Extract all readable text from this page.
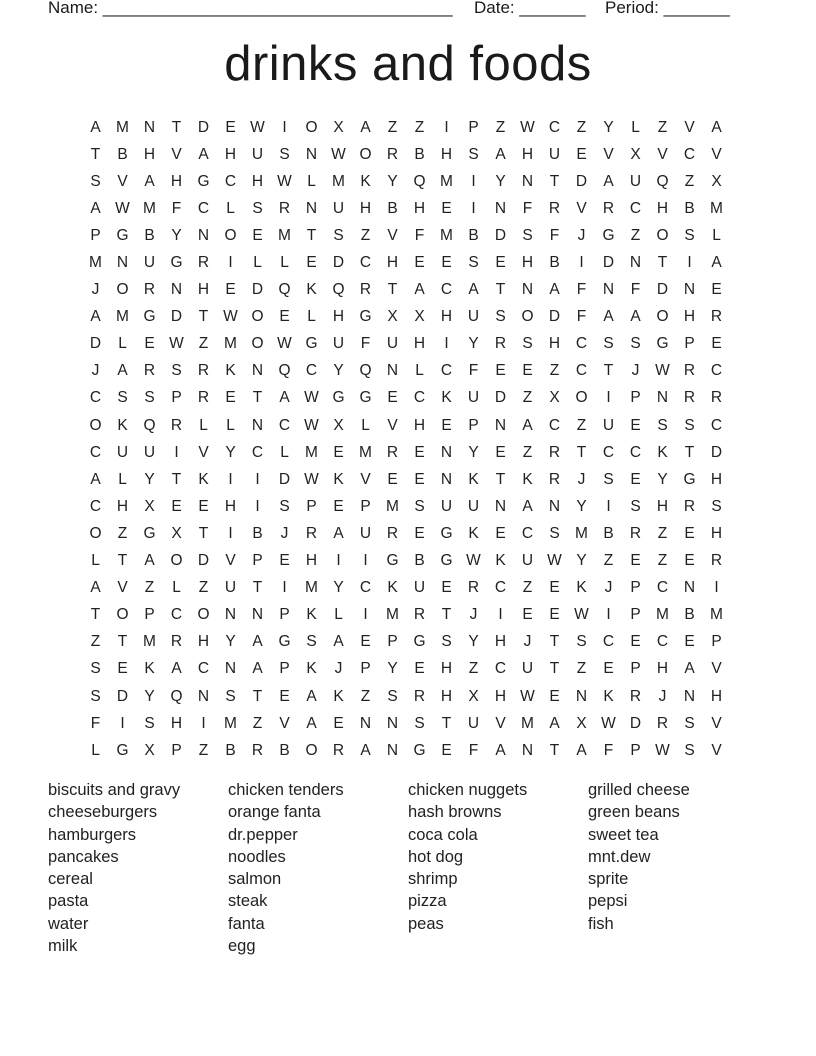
Name: _____________________________________ Date: _______ Period: _______
drinks and foods
A M N	T	D	E W	I	O	X	A	Z	Z	I	P	Z W C	Z	Y	L	Z	V	A
T	B	H	V	A	H	U	S	N W O R	B	H	S	A	H	U	E	V	X	V	C	V
S	V	A	H G C	H W L	M K	Y	Q M	I	Y	N	T	D	A	U Q	Z	X
A W M	F	C	L	S	R	N	U	H	B	H	E	I	N	F	R	V	R	C	H	B M
P	G	B	Y	N O	E M	T	S	Z	V	F	M B	D	S	F	J	G	Z	O	S	L
M N	U G R	I	L	L	E	D	C	H	E	E	S	E	H	B	I	D	N	T	I	A
J	O R	N	H	E	D Q	K	Q R	T	A	C	A	T	N	A	F	N	F	D	N	E
A M G D	T W O	E	L	H G	X	X	H	U	S	O D	F	A	A	O H	R
D	L	E W Z	M O W G U	F	U	H	I	Y	R	S	H	C	S	S	G	P	E
J	A	R	S	R	K	N Q C	Y	Q N	L	C	F	E	E	Z	C	T	J	W R	C
C	S	S	P	R	E	T	A W G G	E	C	K	U	D	Z	X	O	I	P	N	R	R
O	K	Q R	L	L	N	C W X	L	V	H	E	P	N	A	C	Z	U	E	S	S	C
C	U	U	I	V	Y	C	L	M E M R	E	N	Y	E	Z	R	T	C	C	K	T	D
A	L	Y	T	K	I	I	D W K	V	E	E	N	K	T	K	R	J	S	E	Y	G H
C	H	X	E	E	H	I	S	P	E	P M S	U	U	N	A	N	Y	I	S	H	R	S
O	Z	G	X	T	I	B	J	R	A	U	R	E	G	K	E	C	S M B	R	Z	E	H
L	T	A	O D	V	P	E	H	I	I	G	B	G W K	U W Y	Z	E	Z	E	R
A	V	Z	L	Z	U	T	I	M Y	C	K	U	E	R	C	Z	E	K	J	P	C	N	I
T	O	P	C O N	N	P	K	L	I	M R	T	J	I	E	E W	I	P M B M
Z	T	M R	H	Y	A	G	S	A	E	P	G	S	Y	H	J	T	S	C	E	C	E	P
S	E	K	A	C	N	A	P	K	J	P	Y	E	H	Z	C	U	T	Z	E	P	H	A	V
S	D	Y	Q N	S	T	E	A	K	Z	S	R	H	X	H W E	N	K	R	J	N	H
F	I	S	H	I	M	Z	V	A	E	N	N	S	T	U	V M A	X W D	R	S	V
L	G	X	P	Z	B	R	B	O R	A	N G	E	F	A	N	T	A	F	P W S	V
biscuits and gravy
cheeseburgers
hamburgers
pancakes
cereal
pasta
water
milk
chicken tenders
orange fanta
dr.pepper
noodles
salmon
steak
fanta
egg
chicken nuggets
hash browns
coca cola
hot dog
shrimp
pizza
peas
grilled cheese
green beans
sweet tea
mnt.dew
sprite
pepsi
fish
